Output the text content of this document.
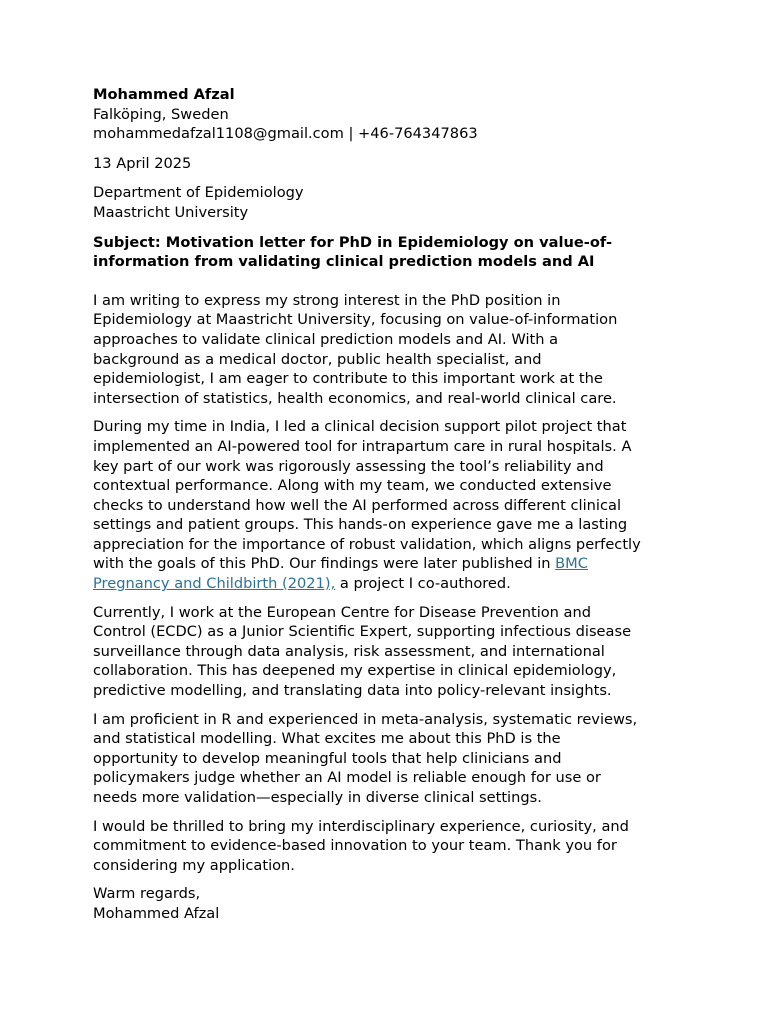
Mohammed Afzal
Falköping, Sweden
mohammedafzal1108@gmail.com | +46-764347863
13 April 2025
Department of Epidemiology
Maastricht University
Subject: Motivation letter for PhD in Epidemiology on value-of-
information from validating clinical prediction models and AI
I am writing to express my strong interest in the PhD position in
Epidemiology at Maastricht University, focusing on value-of-information
approaches to validate clinical prediction models and AI. With a
background as a medical doctor, public health specialist, and
epidemiologist, I am eager to contribute to this important work at the
intersection of statistics, health economics, and real-world clinical care.
During my time in India, I led a clinical decision support pilot project that
implemented an AI-powered tool for intrapartum care in rural hospitals. A
key part of our work was rigorously assessing the tool’s reliability and
contextual performance. Along with my team, we conducted extensive
checks to understand how well the AI performed across different clinical
settings and patient groups. This hands-on experience gave me a lasting
appreciation for the importance of robust validation, which aligns perfectly
with the goals of this PhD. Our findings were later published in BMC
Pregnancy and Childbirth (2021), a project I co-authored.
Currently, I work at the European Centre for Disease Prevention and
Control (ECDC) as a Junior Scientific Expert, supporting infectious disease
surveillance through data analysis, risk assessment, and international
collaboration. This has deepened my expertise in clinical epidemiology,
predictive modelling, and translating data into policy-relevant insights.
I am proficient in R and experienced in meta-analysis, systematic reviews,
and statistical modelling. What excites me about this PhD is the
opportunity to develop meaningful tools that help clinicians and
policymakers judge whether an AI model is reliable enough for use or
needs more validation—especially in diverse clinical settings.
I would be thrilled to bring my interdisciplinary experience, curiosity, and
commitment to evidence-based innovation to your team. Thank you for
considering my application.
Warm regards,
Mohammed Afzal
